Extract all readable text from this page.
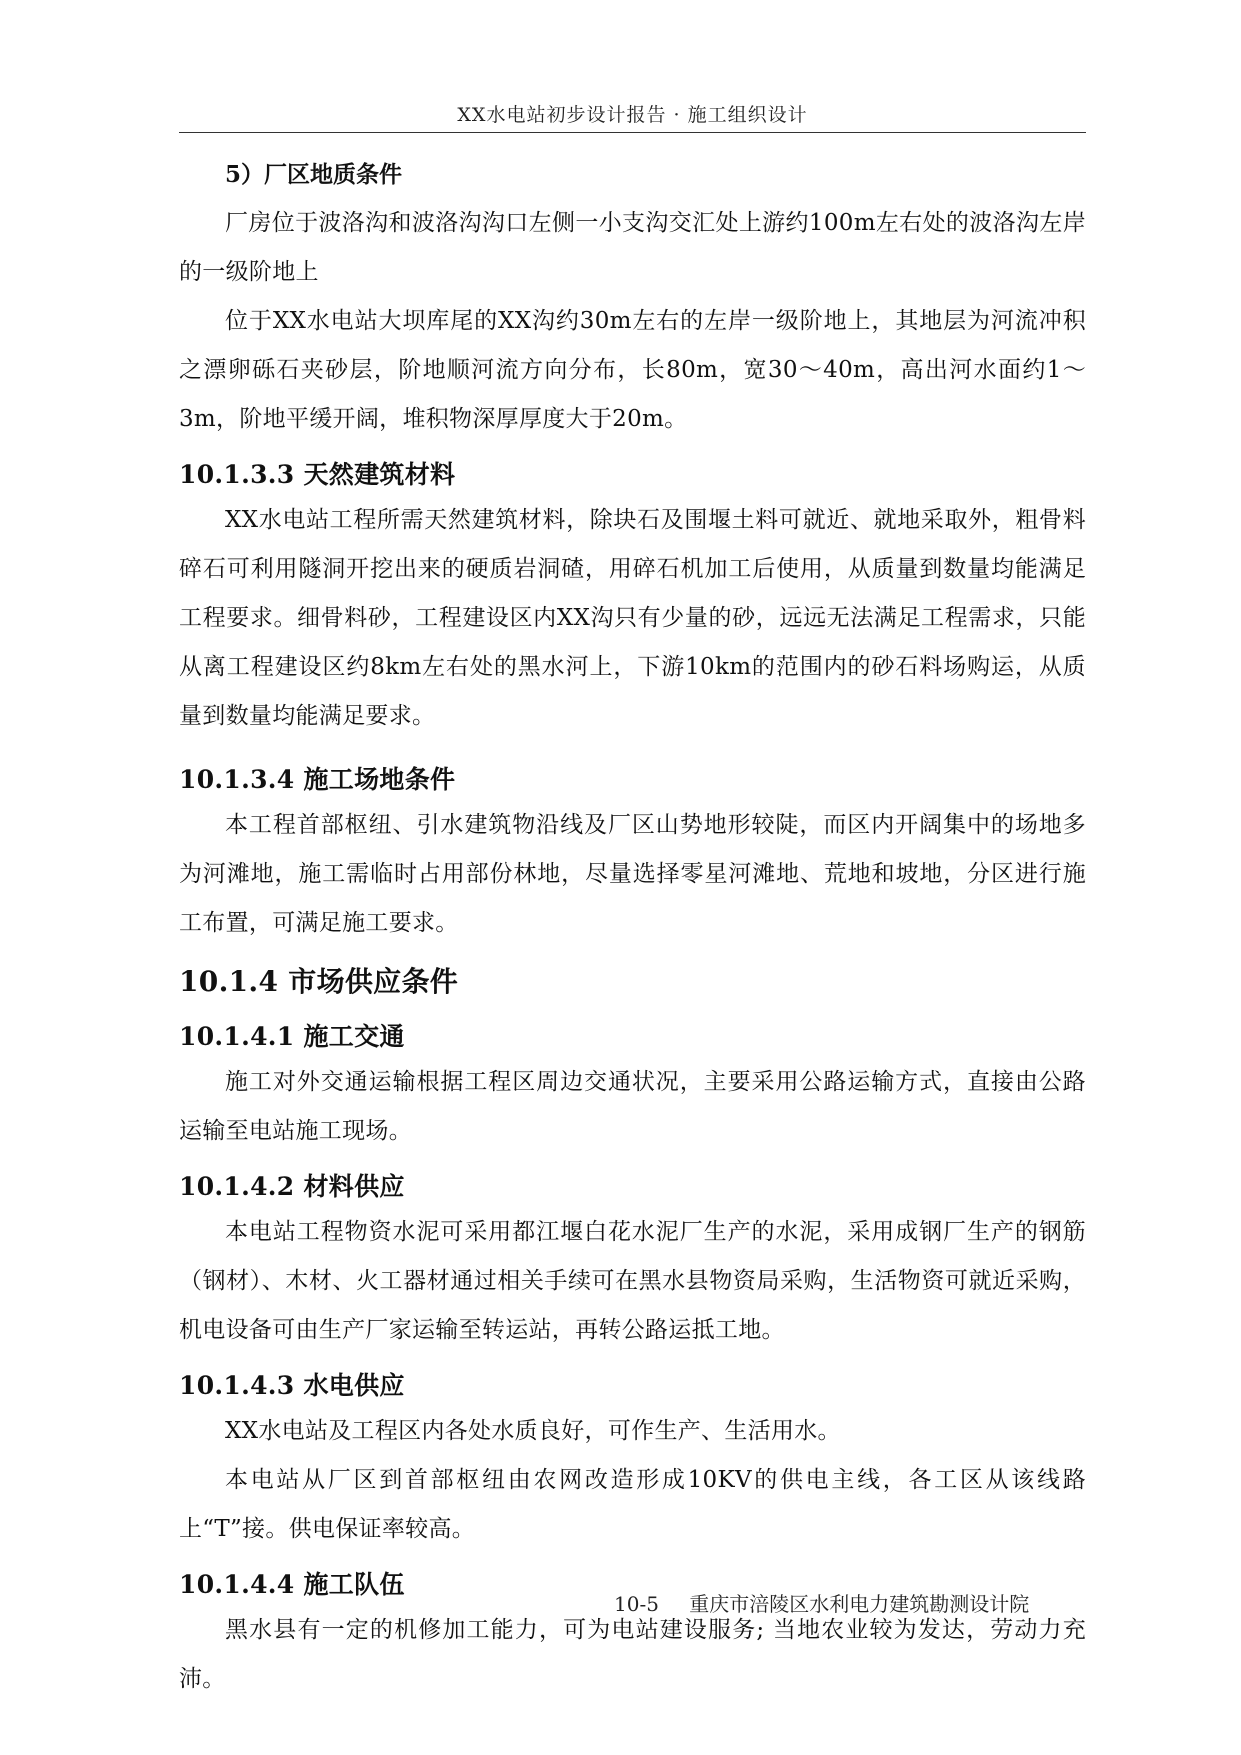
XX水电站初步设计报告 · 施工组织设计

5）厂区地质条件

厂房位于波洛沟和波洛沟沟口左侧一小支沟交汇处上游约100m左右处的波洛沟左岸的一级阶地上

位于XX水电站大坝库尾的XX沟约30m左右的左岸一级阶地上，其地层为河流冲积之漂卵砾石夹砂层，阶地顺河流方向分布，长80m，宽30～40m，高出河水面约1～3m，阶地平缓开阔，堆积物深厚厚度大于20m。

10.1.3.3 天然建筑材料

XX水电站工程所需天然建筑材料，除块石及围堰土料可就近、就地采取外，粗骨料碎石可利用隧洞开挖出来的硬质岩洞碴，用碎石机加工后使用，从质量到数量均能满足工程要求。细骨料砂，工程建设区内XX沟只有少量的砂，远远无法满足工程需求，只能从离工程建设区约8km左右处的黑水河上，下游10km的范围内的砂石料场购运，从质量到数量均能满足要求。

10.1.3.4 施工场地条件

本工程首部枢纽、引水建筑物沿线及厂区山势地形较陡，而区内开阔集中的场地多为河滩地，施工需临时占用部份林地，尽量选择零星河滩地、荒地和坡地，分区进行施工布置，可满足施工要求。

10.1.4 市场供应条件
10.1.4.1 施工交通

施工对外交通运输根据工程区周边交通状况，主要采用公路运输方式，直接由公路运输至电站施工现场。

10.1.4.2 材料供应

本电站工程物资水泥可采用都江堰白花水泥厂生产的水泥，采用成钢厂生产的钢筋（钢材）、木材、火工器材通过相关手续可在黑水县物资局采购，生活物资可就近采购，机电设备可由生产厂家运输至转运站，再转公路运抵工地。

10.1.4.3 水电供应

XX水电站及工程区内各处水质良好，可作生产、生活用水。

本电站从厂区到首部枢纽由农网改造形成10KV的供电主线，各工区从该线路上“T”接。供电保证率较高。

10.1.4.4 施工队伍

黑水县有一定的机修加工能力，可为电站建设服务; 当地农业较为发达，劳动力充沛。

10-5 重庆市涪陵区水利电力建筑勘测设计院
